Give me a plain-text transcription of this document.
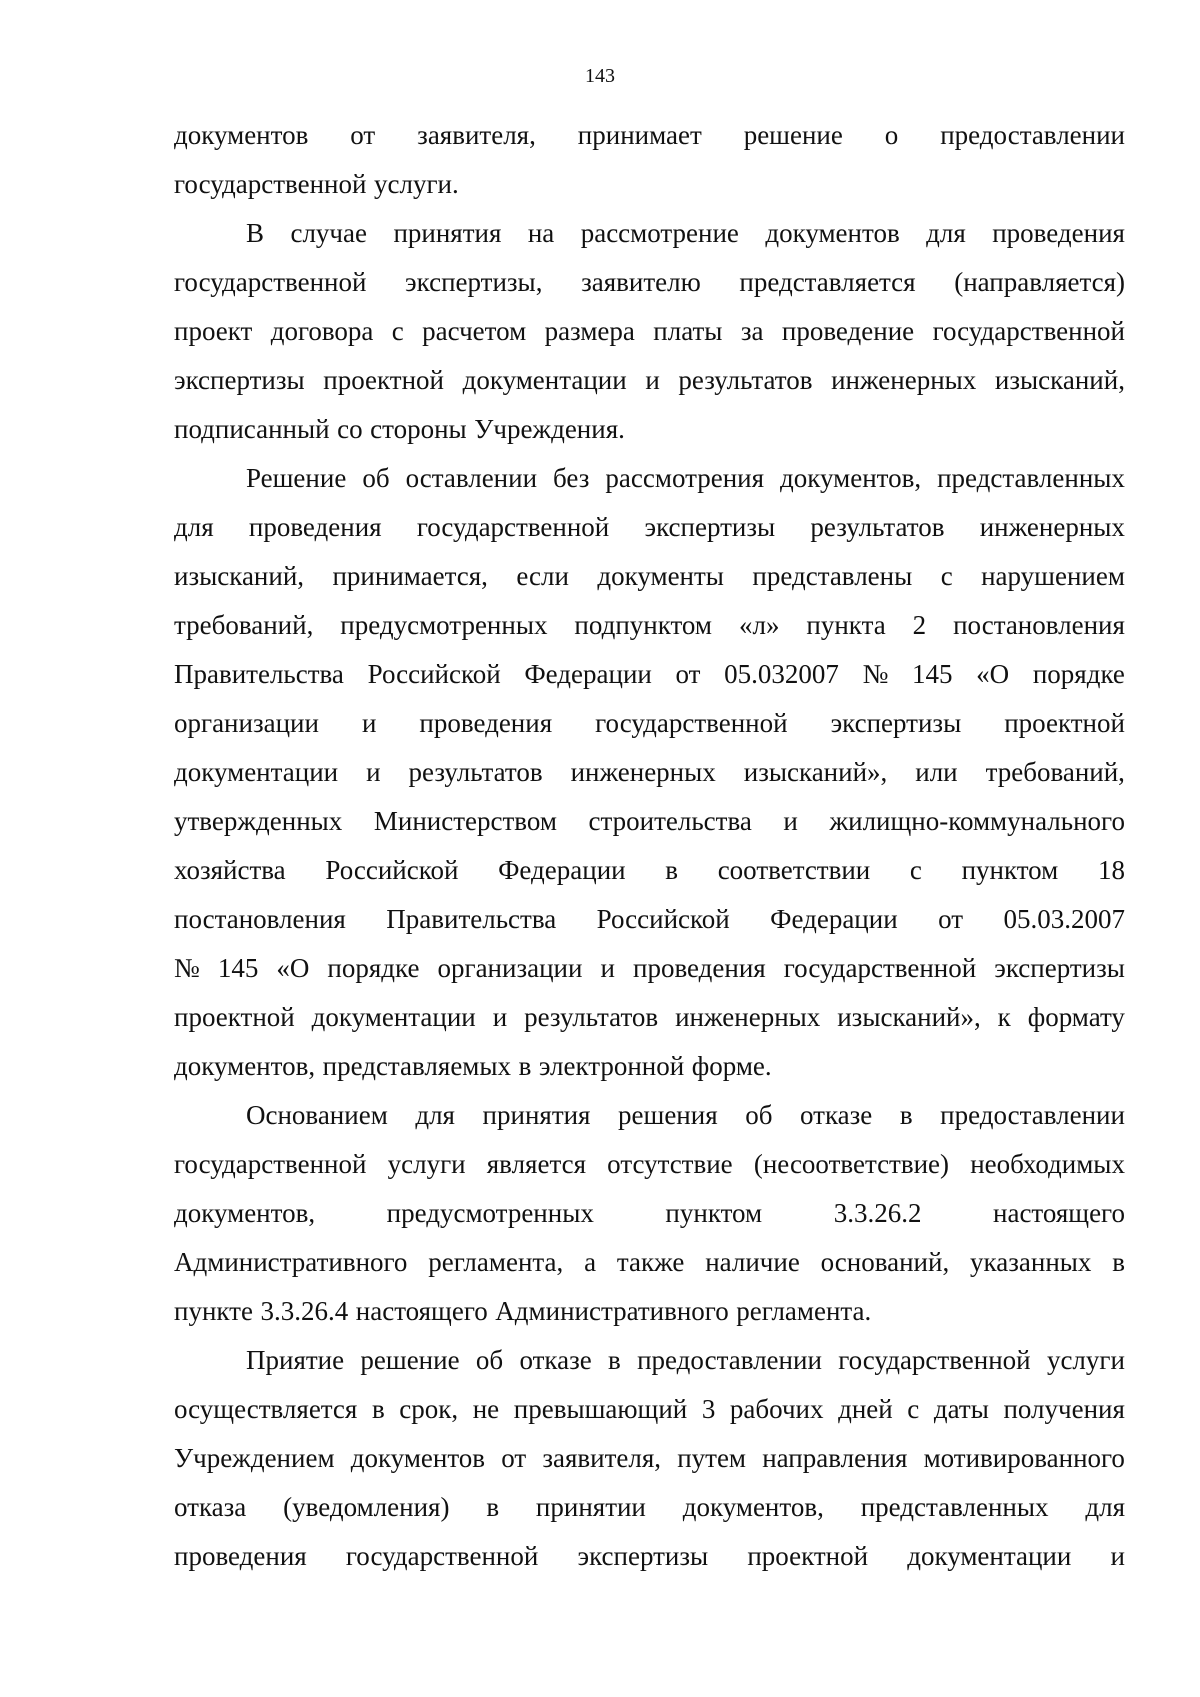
143
документов от заявителя, принимает решение о предоставлении
государственной услуги.
В случае принятия на рассмотрение документов для проведения
государственной экспертизы, заявителю представляется (направляется)
проект договора с расчетом размера платы за проведение государственной
экспертизы проектной документации и результатов инженерных изысканий,
подписанный со стороны Учреждения.
Решение об оставлении без рассмотрения документов, представленных
для проведения государственной экспертизы результатов инженерных
изысканий, принимается, если документы представлены с нарушением
требований, предусмотренных подпунктом «л» пункта 2 постановления
Правительства Российской Федерации от 05.032007 № 145 «О порядке
организации и проведения государственной экспертизы проектной
документации и результатов инженерных изысканий», или требований,
утвержденных Министерством строительства и жилищно-коммунального
хозяйства Российской Федерации в соответствии с пунктом 18
постановления Правительства Российской Федерации от 05.03.2007
№ 145 «О порядке организации и проведения государственной экспертизы
проектной документации и результатов инженерных изысканий», к формату
документов, представляемых в электронной форме.
Основанием для принятия решения об отказе в предоставлении
государственной услуги является отсутствие (несоответствие) необходимых
документов,	предусмотренных	пунктом	3.3.26.2	настоящего
Административного регламента, а также наличие оснований, указанных в
пункте 3.3.26.4 настоящего Административного регламента.
Приятие решение об отказе в предоставлении государственной услуги
осуществляется в срок, не превышающий 3 рабочих дней с даты получения
Учреждением документов от заявителя, путем направления мотивированного
отказа (уведомления) в принятии документов, представленных для
проведения государственной экспертизы проектной документации и
